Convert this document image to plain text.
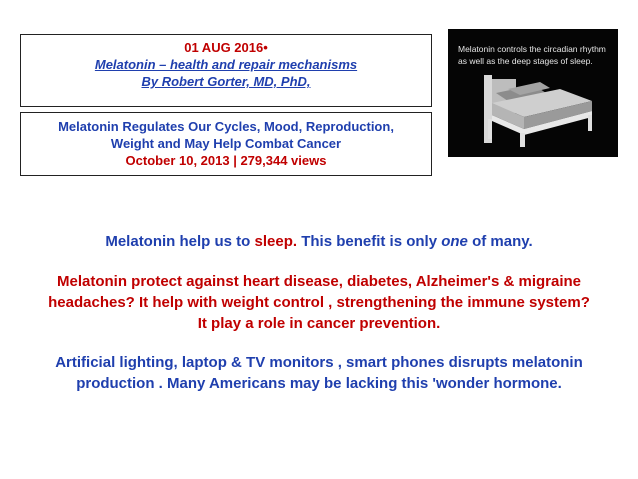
01 AUG 2016•
Melatonin – health and repair mechanisms
By Robert Gorter, MD, PhD,
Melatonin Regulates Our Cycles, Mood, Reproduction,
Weight and May Help Combat Cancer
October 10, 2013 | 279,344 views
Melatonin controls the circadian rhythm
as well as the deep stages of sleep.
Melatonin help us to sleep. This benefit is only one of many.
Melatonin protect against heart disease, diabetes, Alzheimer's & migraine
headaches? It help with weight control , strengthening the immune system?
It play a role in cancer prevention.
Artificial lighting, laptop & TV monitors , smart phones disrupts melatonin
production . Many Americans may be lacking this 'wonder hormone.
